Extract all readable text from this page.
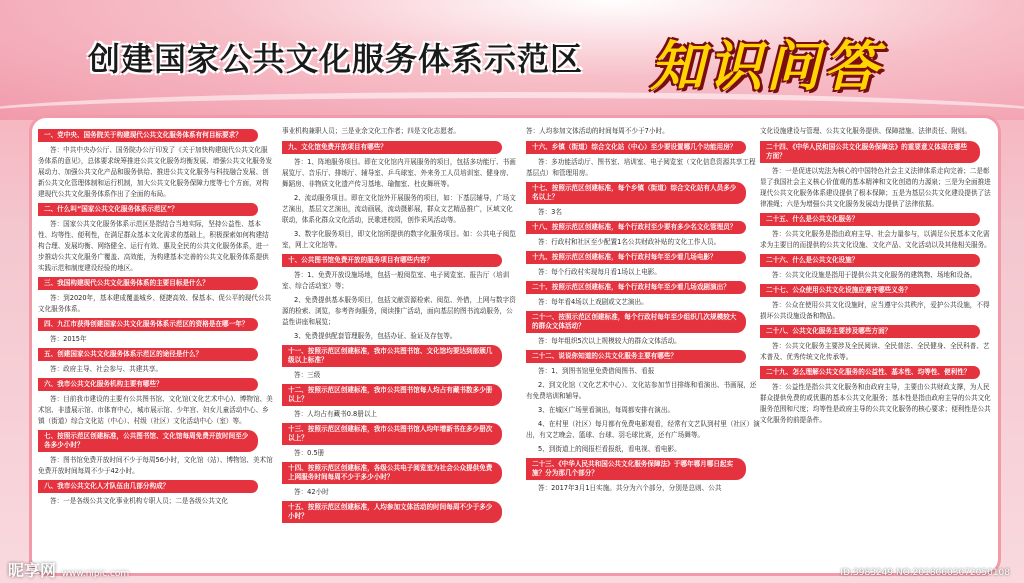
创建国家公共文化服务体系示范区	知识问答
一、党中央、国务院关于构建现代公共文化服务体系有何目标要求？
答：中共中央办公厅、国务院办公厅印发了《关于加快构建现代公共文化服务体系的意见》，总体要求统筹推进公共文化服务均衡发展、增强公共文化服务发展动力、加强公共文化产品和服务供给、推进公共文化服务与科技融合发展、创新公共文化管理体制和运行机制，加大公共文化服务保障力度等七个方面，对构建现代公共文化服务体系作出了全面的布局。
二、什么叫“国家公共文化服务体系示范区”？
答：国家公共文化服务体系示范区是指结合当地实际，坚持公益性、基本性、均等性、便利性，在满足群众基本文化需求的基础上，积极探索如何构建结构合理、发展均衡、网络健全、运行有效、惠及全民的公共文化服务体系，进一步推动公共文化服务广覆盖、高效能，为构建基本完善的公共文化服务体系提供实践示范和制度建设经验的地区。
三、我国构建现代公共文化服务体系的主要目标是什么？
答：到2020年，基本建成覆盖城乡、便捷高效、保基本、促公平的现代公共文化服务体系。
四、九江市获得创建国家公共文化服务体系示范区的资格是在哪一年？
答：2015年
五、创建国家公共文化服务体系示范区的途径是什么？
答：政府主导、社会参与、共建共享。
六、我市公共文化服务机构主要有哪些？
答：目前我市建设的主要有公共图书馆、文化馆(文化艺术中心)、博物馆、美术馆、非遗展示馆、市体育中心，城市展示馆、少年宫、妇女儿童活动中心、乡镇（街道）综合文化站（中心）、村级（社区）文化活动中心（室）等。
七、按照示范区创建标准，公共图书馆、文化馆每周免费开放时间至少各多少小时？
答：图书馆免费开放时间不少于每周56小时，文化馆（站）、博物馆、美术馆免费开放时间每周不少于42小时。
八、我市公共文化人才队伍由几部分构成？
答：一是各级公共文化事业机构专职人员；二是各级公共文化
事业机构兼职人员；三是业余文化工作者；四是文化志愿者。
九、文化馆免费开放项目有哪些？
答：1、阵地服务项目。即在文化馆内开展服务的项目，包括多功能厅、书画展览厅、音乐厅、排练厅、辅导室、乒乓球室、外来务工人员培训室、健身房、舞蹈房、非物质文化遗产传习基地、瑜伽室、杜皮舞班等。
2、流动服务项目。即在文化馆外开展服务的项目，如：下基层辅导，广场文艺演出，基层文艺演出，流动画展，流动摄影展，群众文艺精品推广，区域文化联动，体系化群众文化活动，民歌进校园，创作采风活动等。
3、数字化服务项目，即文化馆所提供的数字化服务项目。如：公共电子阅览室，网上文化馆等。
十、公共图书馆免费开放的服务项目有哪些内容？
答：1、免费开放设施场地，包括一般阅览室、电子阅览室、报告厅（培训室、综合活动室）等；
2、免费提供基本服务项目，包括文献资源检索、阅览、外借，上网与数字资源的检索、浏览，参考咨询服务，阅读推广活动，面向基层的图书流动服务，公益性讲座和展览；
3、免费提供配套管理服务，包括办证、验证及存包等。
十一、按照示范区创建标准，我市公共图书馆、文化馆均要达到部颁几级以上标准？
答：三级
十二、按照示范区创建标准，我市公共图书馆每人均占有藏书数多少册以上？
答：人均占有藏书0.8册以上
十三、按照示范区创建标准，我市公共图书馆人均年增新书在多少册次以上？
答：0.5册
十四、按照示范区创建标准，各级公共电子阅览室为社会公众提供免费上网服务时间每周不少于多少小时？
答：42小时
十五、按照示范区创建标准，人均参加文体活动的时间每周不少于多少小时？
答：人均参加文体活动的时间每周不少于7小时。
十六、乡镇（街道）综合文化站（中心）至少要设置哪几个功能用房？
答：多功能活动厅、图书室、培训室、电子阅览室（文化信息资源共享工程基层点）和管理用房。
十七、按照示范区创建标准，每个乡镇（街道）综合文化站有人员多少名以上？
答：3名
十八、按照示范区创建标准，每个行政村至少要有多少名文化管理员？
答：行政村和社区至少配置1名公共财政补贴的文化工作人员。
十九、按照示范区创建标准，每个行政村每年至少看几场电影？
答：每个行政村实现每月看1场以上电影。
二十、按照示范区创建标准，每个行政村每年至少看几场戏剧演出？
答：每年看4场以上戏剧或文艺演出。
二十一、按照示范区创建标准，每个行政村每年至少组织几次规模较大的群众文体活动？
答：每年组织5次以上规模较大的群众文体活动。
二十二、说说你知道的公共文化服务主要有哪些？
答：1、到图书馆里免费借阅图书、看报
2、到文化馆（文化艺术中心）、文化站参加节目排练和看演出、书画展，还有免费培训和辅导。
3、在城区广场里看演出，每周都安排有演出。
4、在村里（社区）每月都有免费电影观看，经常有文艺队到村里（社区）演出，有文艺晚会、篮球、台球、羽毛球比赛，还有广场舞等。
5、到街道上的阅报栏看报纸，看电视、看电影。
二十三、《中华人民共和国公共文化服务保障法》于哪年哪月哪日起实施？分为那几个部分？
答：2017年3月1日实施。共分为六个部分，分别是总则、公共
文化设施建设与管理、公共文化服务提供、保障措施、法律责任、附则。
二十四、《中华人民和国公共文化服务保障法》的重要意义体现在哪些方面？
答：一是促进以宪法为核心的中国特色社会主义法律体系走向完善；二是彰显了我国社会主义核心价值观的基本精神和文化创造的力源泉；三是为全面推进现代公共文化服务体系建设提供了根本保障；五是为基层公共文化建设提供了法律准绳；六是为增强公共文化服务发展动力提供了法律依据。
二十五、什么是公共文化服务？
答：公共文化服务是指由政府主导、社会力量参与，以满足公民基本文化需求为主要目的而提供的公共文化设施、文化产品、文化活动以及其他相关服务。
二十六、什么是公共文化设施？
答：公共文化设施是指用于提供公共文化服务的建筑物、场地和设备。
二十七、公众使用公共文化设施应遵守哪些义务？
答：公众在使用公共文化设施时，应当遵守公共秩序，爱护公共设施，不得损坏公共设施设备和物品。
二十八、公共文化服务主要涉及哪些方面？
答：公共文化服务主要涉及全民阅读、全民普法、全民健身、全民科普、艺术普及、优秀传统文化传承等。
二十九、怎么理解公共文化服务的公益性、基本性、均等性、便利性？
答：公益性是指公共文化服务和由政府主导，主要由公共财政支撑，为人民群众提供免费的或优惠的基本公共文化服务；基本性是指由政府主导的公共文化服务范围和尺度；均等性是政府主导的公共文化服务的核心要求；便利性是公共文化服务的前提条件。
昵享网 www.nipic.com	ID:3983249 NO:20180603072050108
